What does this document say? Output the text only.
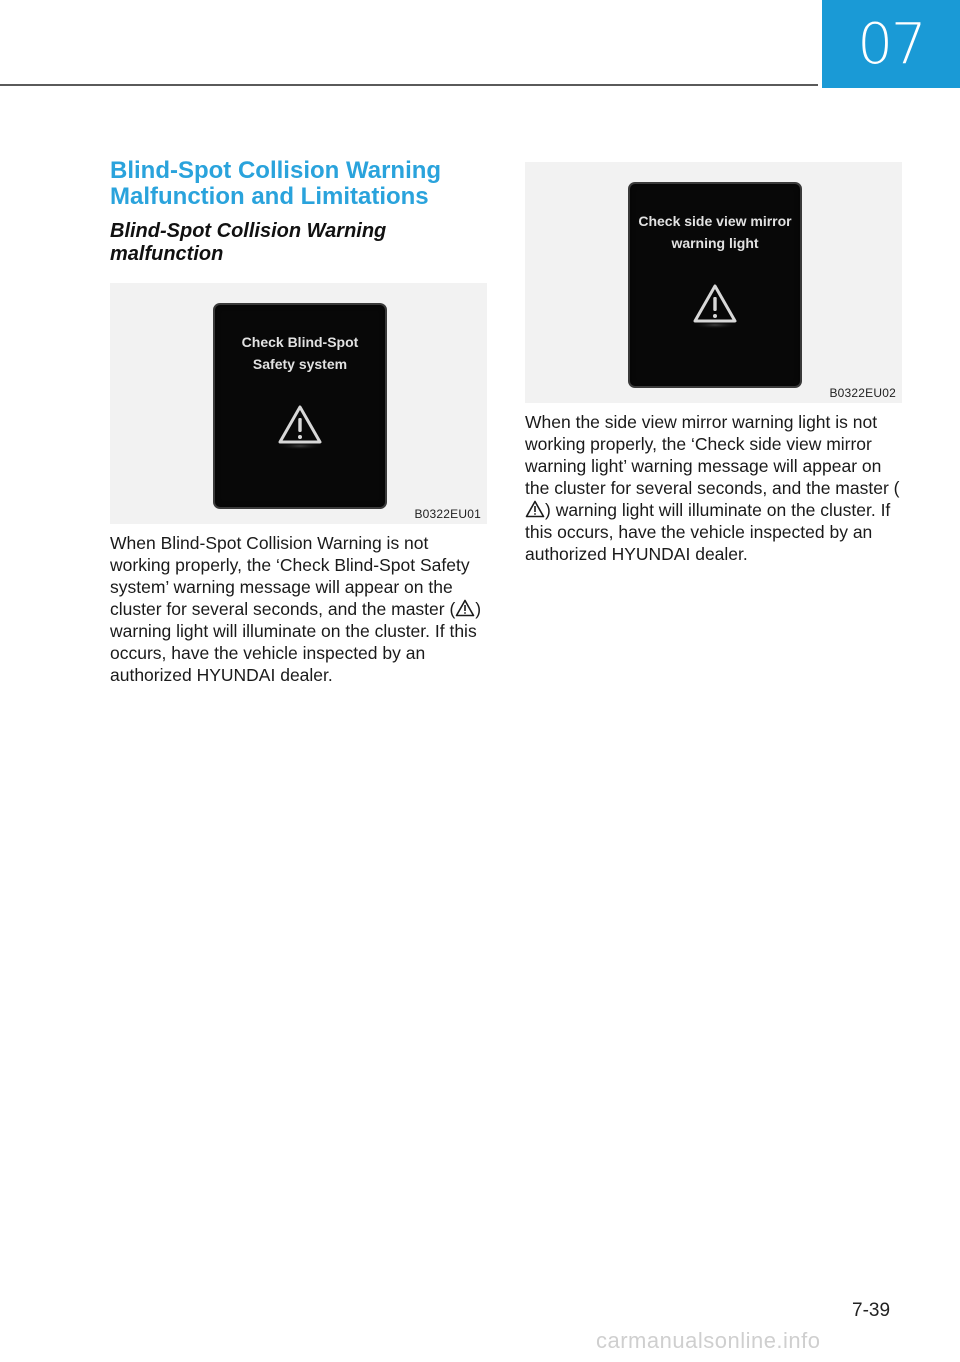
07
Blind-Spot Collision Warning
Malfunction and Limitations
Blind-Spot Collision Warning
malfunction
Check Blind-Spot
Safety system
B0322EU01

When Blind-Spot Collision Warning is not working properly, the ‘Check Blind-Spot Safety system’ warning message will appear on the cluster for several seconds, and the master ( ) warning light will illuminate on the cluster. If this occurs, have the vehicle inspected by an authorized HYUNDAI dealer.

Check side view mirror
warning light
B0322EU02

When the side view mirror warning light is not working properly, the ‘Check side view mirror warning light’ warning message will appear on the cluster for several seconds, and the master () warning light will illuminate on the cluster. If this occurs, have the vehicle inspected by an authorized HYUNDAI dealer.

7-39
carmanualsonline.info
